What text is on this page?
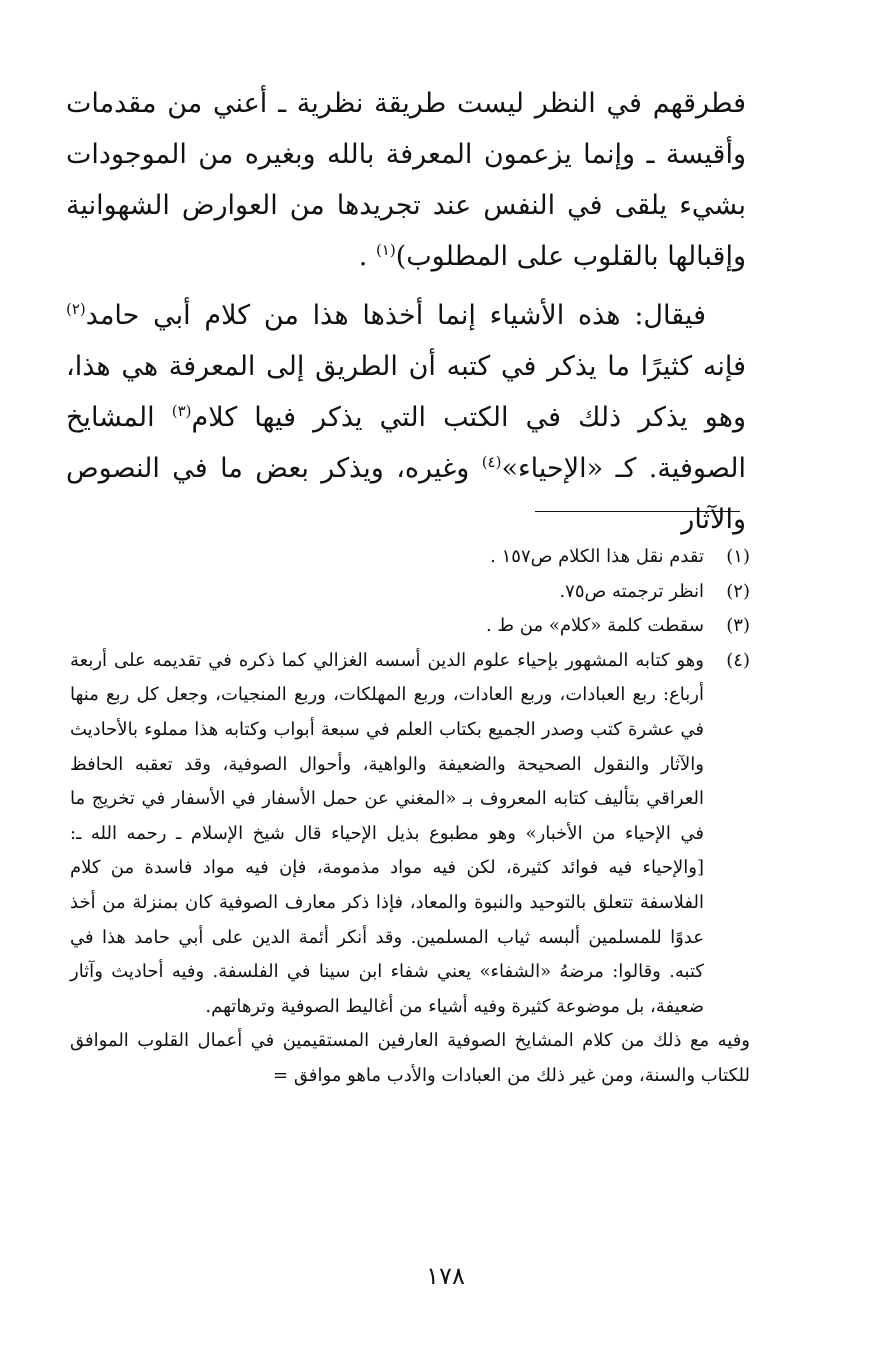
فطرقهم في النظر ليست طريقة نظرية ـ أعني من مقدمات وأقيسة ـ وإنما يزعمون المعرفة بالله وبغيره من الموجودات بشيء يلقى في النفس عند تجريدها من العوارض الشهوانية وإقبالها بالقلوب على المطلوب)$^{(١)}$ .

فيقال: هذه الأشياء إنما أخذها هذا من كلام أبي حامد$^{(٢)}$ فإنه كثيرًا ما يذكر في كتبه أن الطريق إلى المعرفة هي هذا، وهو يذكر ذلك في الكتب التي يذكر فيها كلام$^{(٣)}$ المشايخ الصوفية. كـ «الإحياء»$^{(٤)}$ وغيره، ويذكر بعض ما في النصوص والآثار

(١)
تقدم نقل هذا الكلام ص١٥٧ .
(٢)
انظر ترجمته ص٧٥.
(٣)
سقطت كلمة «كلام» من ط .
(٤)
وهو كتابه المشهور بإحياء علوم الدين أسسه الغزالي كما ذكره في تقديمه على أربعة أرباع: ربع العبادات، وربع العادات، وربع المهلكات، وربع المنجيات، وجعل كل ربع منها في عشرة كتب وصدر الجميع بكتاب العلم في سبعة أبواب وكتابه هذا مملوء بالأحاديث والآثار والنقول الصحيحة والضعيفة والواهية، وأحوال الصوفية، وقد تعقبه الحافظ العراقي بتأليف كتابه المعروف بـ «المغني عن حمل الأسفار في الأسفار في تخريج ما في الإحياء من الأخبار» وهو مطبوع بذيل الإحياء قال شيخ الإسلام ـ رحمه الله ـ: [والإحياء فيه فوائد كثيرة، لكن فيه مواد مذمومة، فإن فيه مواد فاسدة من كلام الفلاسفة تتعلق بالتوحيد والنبوة والمعاد، فإذا ذكر معارف الصوفية كان بمنزلة من أخذ عدوًا للمسلمين ألبسه ثياب المسلمين. وقد أنكر أئمة الدين على أبي حامد هذا في كتبه. وقالوا: مرضهُ «الشفاء» يعني شفاء ابن سينا في الفلسفة. وفيه أحاديث وآثار ضعيفة، بل موضوعة كثيرة وفيه أشياء من أغاليط الصوفية وترهاتهم.

وفيه مع ذلك من كلام المشايخ الصوفية العارفين المستقيمين في أعمال القلوب الموافق للكتاب والسنة، ومن غير ذلك من العبادات والأدب ماهو موافق =

١٧٨
